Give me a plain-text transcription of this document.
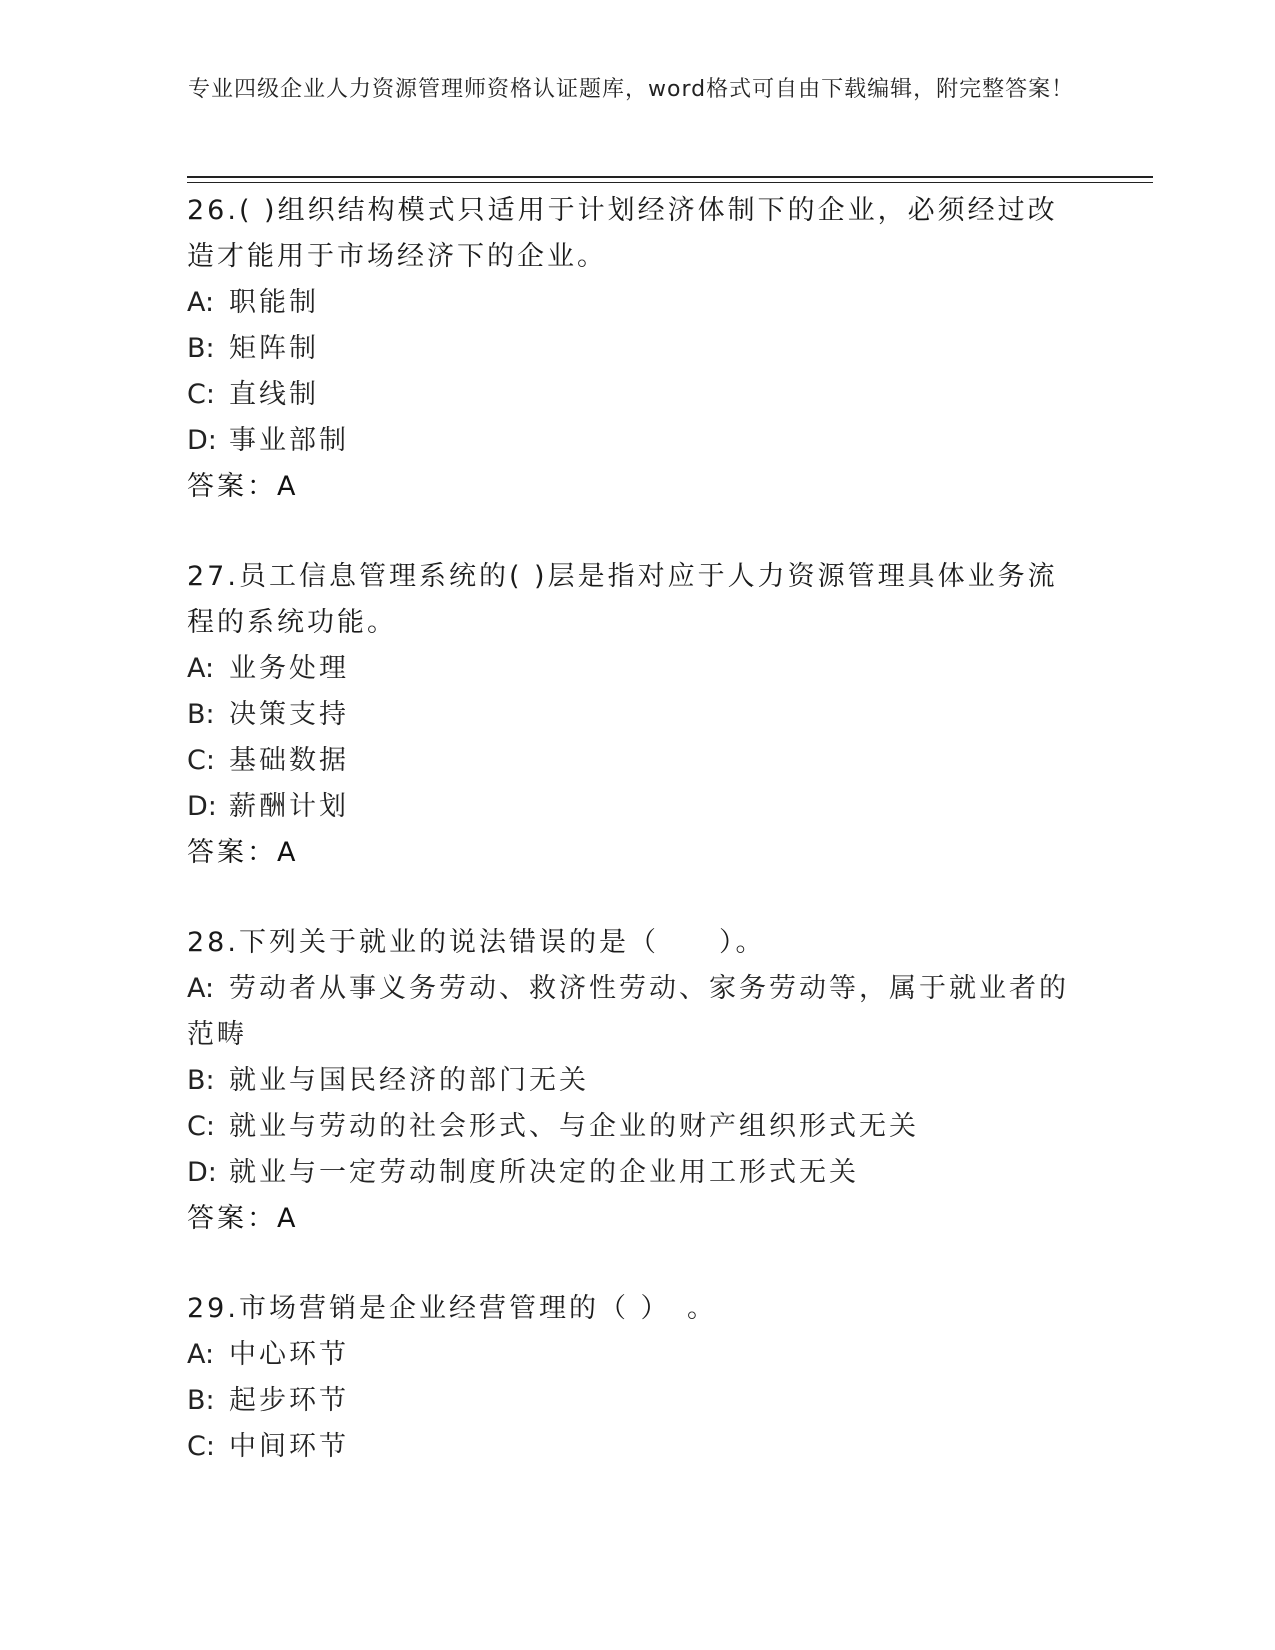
专业四级企业人力资源管理师资格认证题库，word格式可自由下载编辑，附完整答案！
26.( )组织结构模式只适用于计划经济体制下的企业，必须经过改造才能用于市场经济下的企业。
A: 职能制
B: 矩阵制
C: 直线制
D: 事业部制
答案：A
27.员工信息管理系统的( )层是指对应于人力资源管理具体业务流程的系统功能。
A: 业务处理
B: 决策支持
C: 基础数据
D: 薪酬计划
答案：A
28.下列关于就业的说法错误的是（　　）。
A: 劳动者从事义务劳动、救济性劳动、家务劳动等，属于就业者的范畴
B: 就业与国民经济的部门无关
C: 就业与劳动的社会形式、与企业的财产组织形式无关
D: 就业与一定劳动制度所决定的企业用工形式无关
答案：A
29.市场营销是企业经营管理的（ ）　。
A: 中心环节
B: 起步环节
C: 中间环节
